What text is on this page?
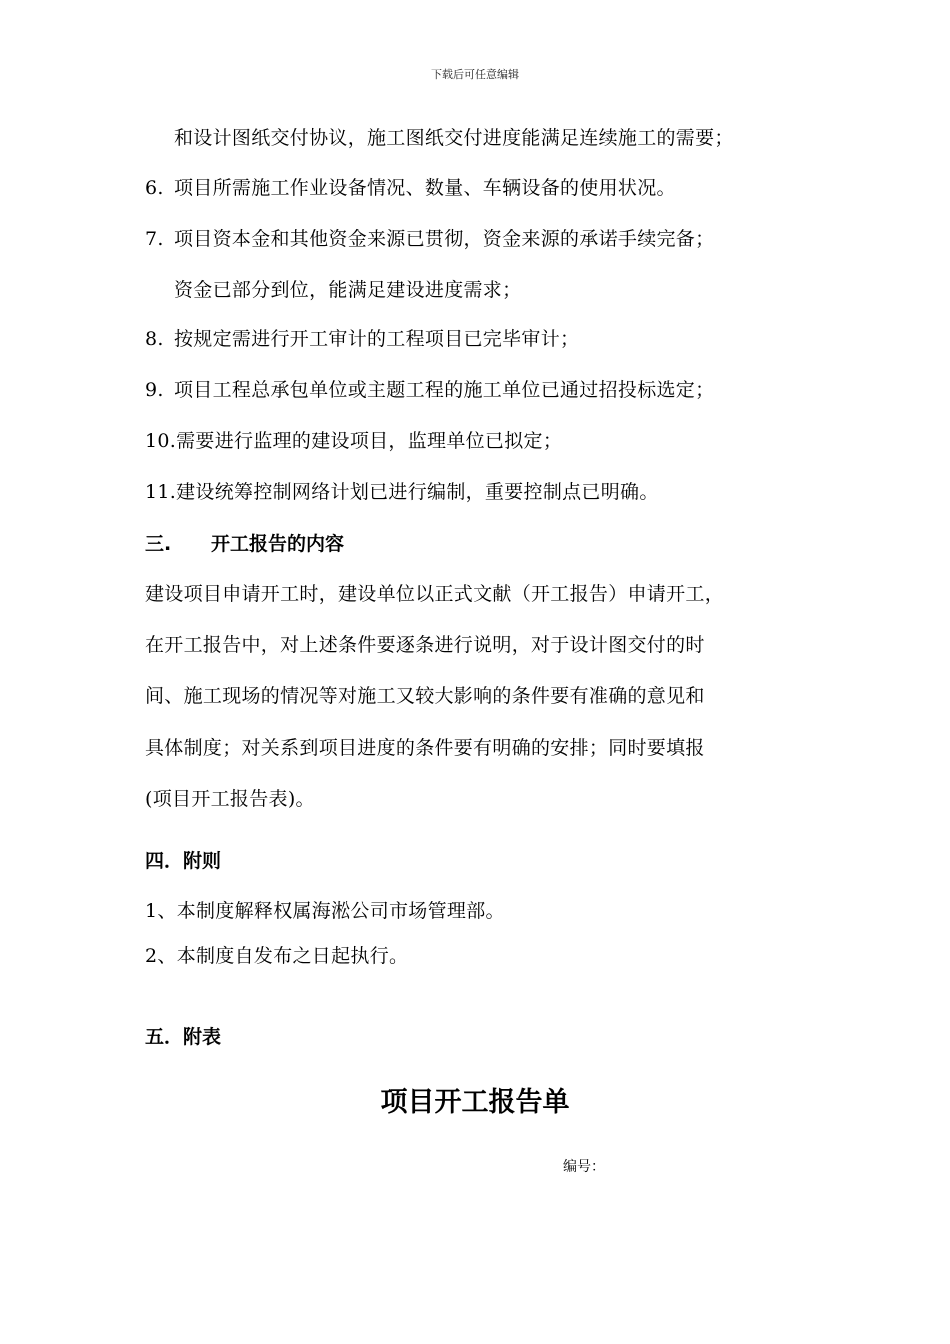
下载后可任意编辑
和设计图纸交付协议，施工图纸交付进度能满足连续施工的需要；
6. 项目所需施工作业设备情况、数量、车辆设备的使用状况。
7. 项目资本金和其他资金来源已贯彻，资金来源的承诺手续完备；
资金已部分到位，能满足建设进度需求；
8. 按规定需进行开工审计的工程项目已完毕审计；
9. 项目工程总承包单位或主题工程的施工单位已通过招投标选定；
10.需要进行监理的建设项目，监理单位已拟定；
11.建设统筹控制网络计划已进行编制，重要控制点已明确。
三. 开工报告的内容
建设项目申请开工时，建设单位以正式文献（开工报告）申请开工，
在开工报告中，对上述条件要逐条进行说明，对于设计图交付的时
间、施工现场的情况等对施工又较大影响的条件要有准确的意见和
具体制度；对关系到项目进度的条件要有明确的安排；同时要填报
(项目开工报告表)。
四．附则
1、本制度解释权属海淞公司市场管理部。
2、本制度自发布之日起执行。
五．附表
项目开工报告单
编号：
